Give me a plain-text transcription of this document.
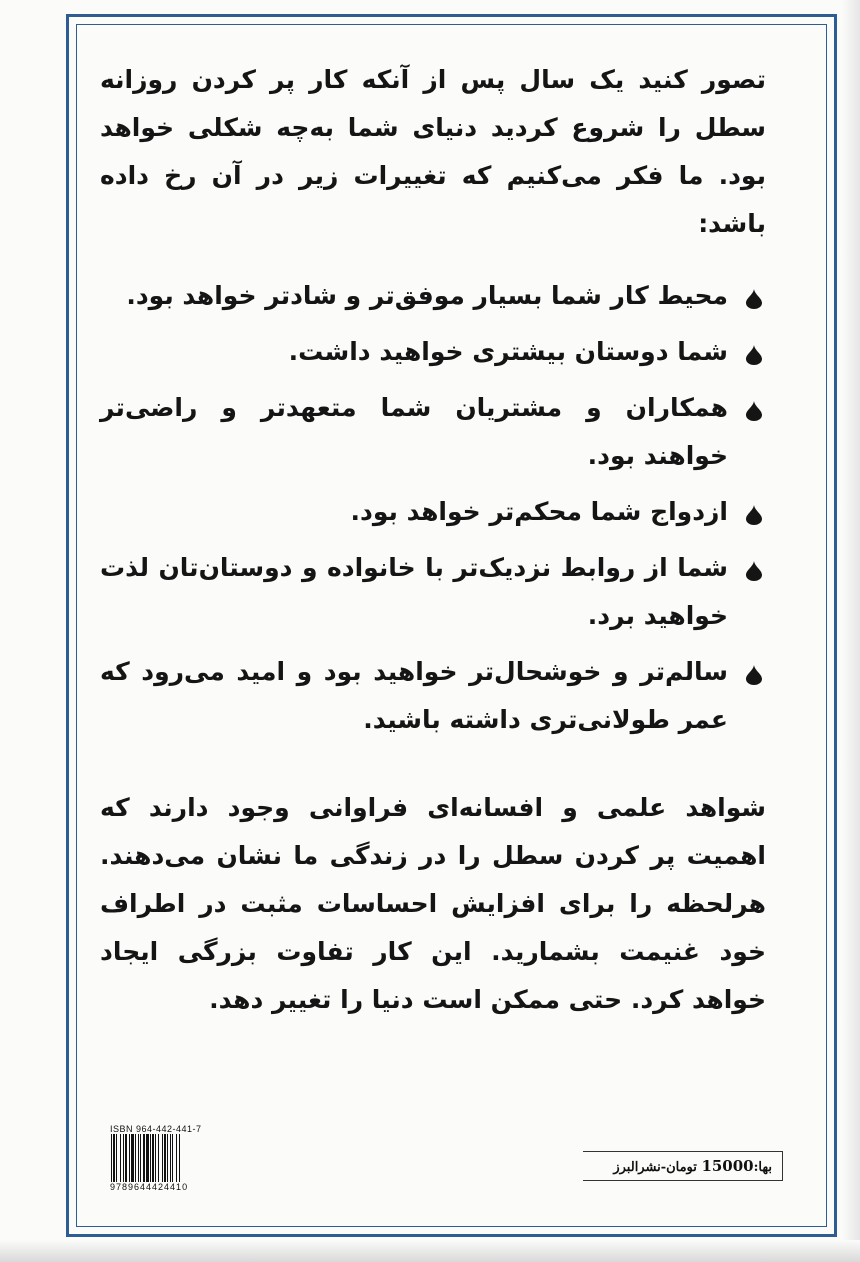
تصور کنید یک سال پس از آنکه کار پر کردن روزانه سطل را شروع کردید دنیای شما به‌چه شکلی خواهد بود. ما فکر می‌کنیم که تغییرات زیر در آن رخ داده باشد:

محیط کار شما بسیار موفق‌تر و شادتر خواهد بود.
شما دوستان بیشتری خواهید داشت.
همکاران و مشتریان شما متعهدتر و راضی‌تر خواهند بود.
ازدواج شما محکم‌تر خواهد بود.
شما از روابط نزدیک‌تر با خانواده و دوستان‌تان لذت خواهید برد.
سالم‌تر و خوشحال‌تر خواهید بود و امید می‌رود که عمر طولانی‌تری داشته باشید.

شواهد علمی و افسانه‌ای فراوانی وجود دارند که اهمیت پر کردن سطل را در زندگی ما نشان می‌دهند. هرلحظه را برای افزایش احساسات مثبت در اطراف خود غنیمت بشمارید. این کار تفاوت بزرگی ایجاد خواهد کرد. حتی ممکن است دنیا را تغییر دهد.

ISBN 964-442-441-7
9789644424410
بها:15000 تومان-نشرالبرز
